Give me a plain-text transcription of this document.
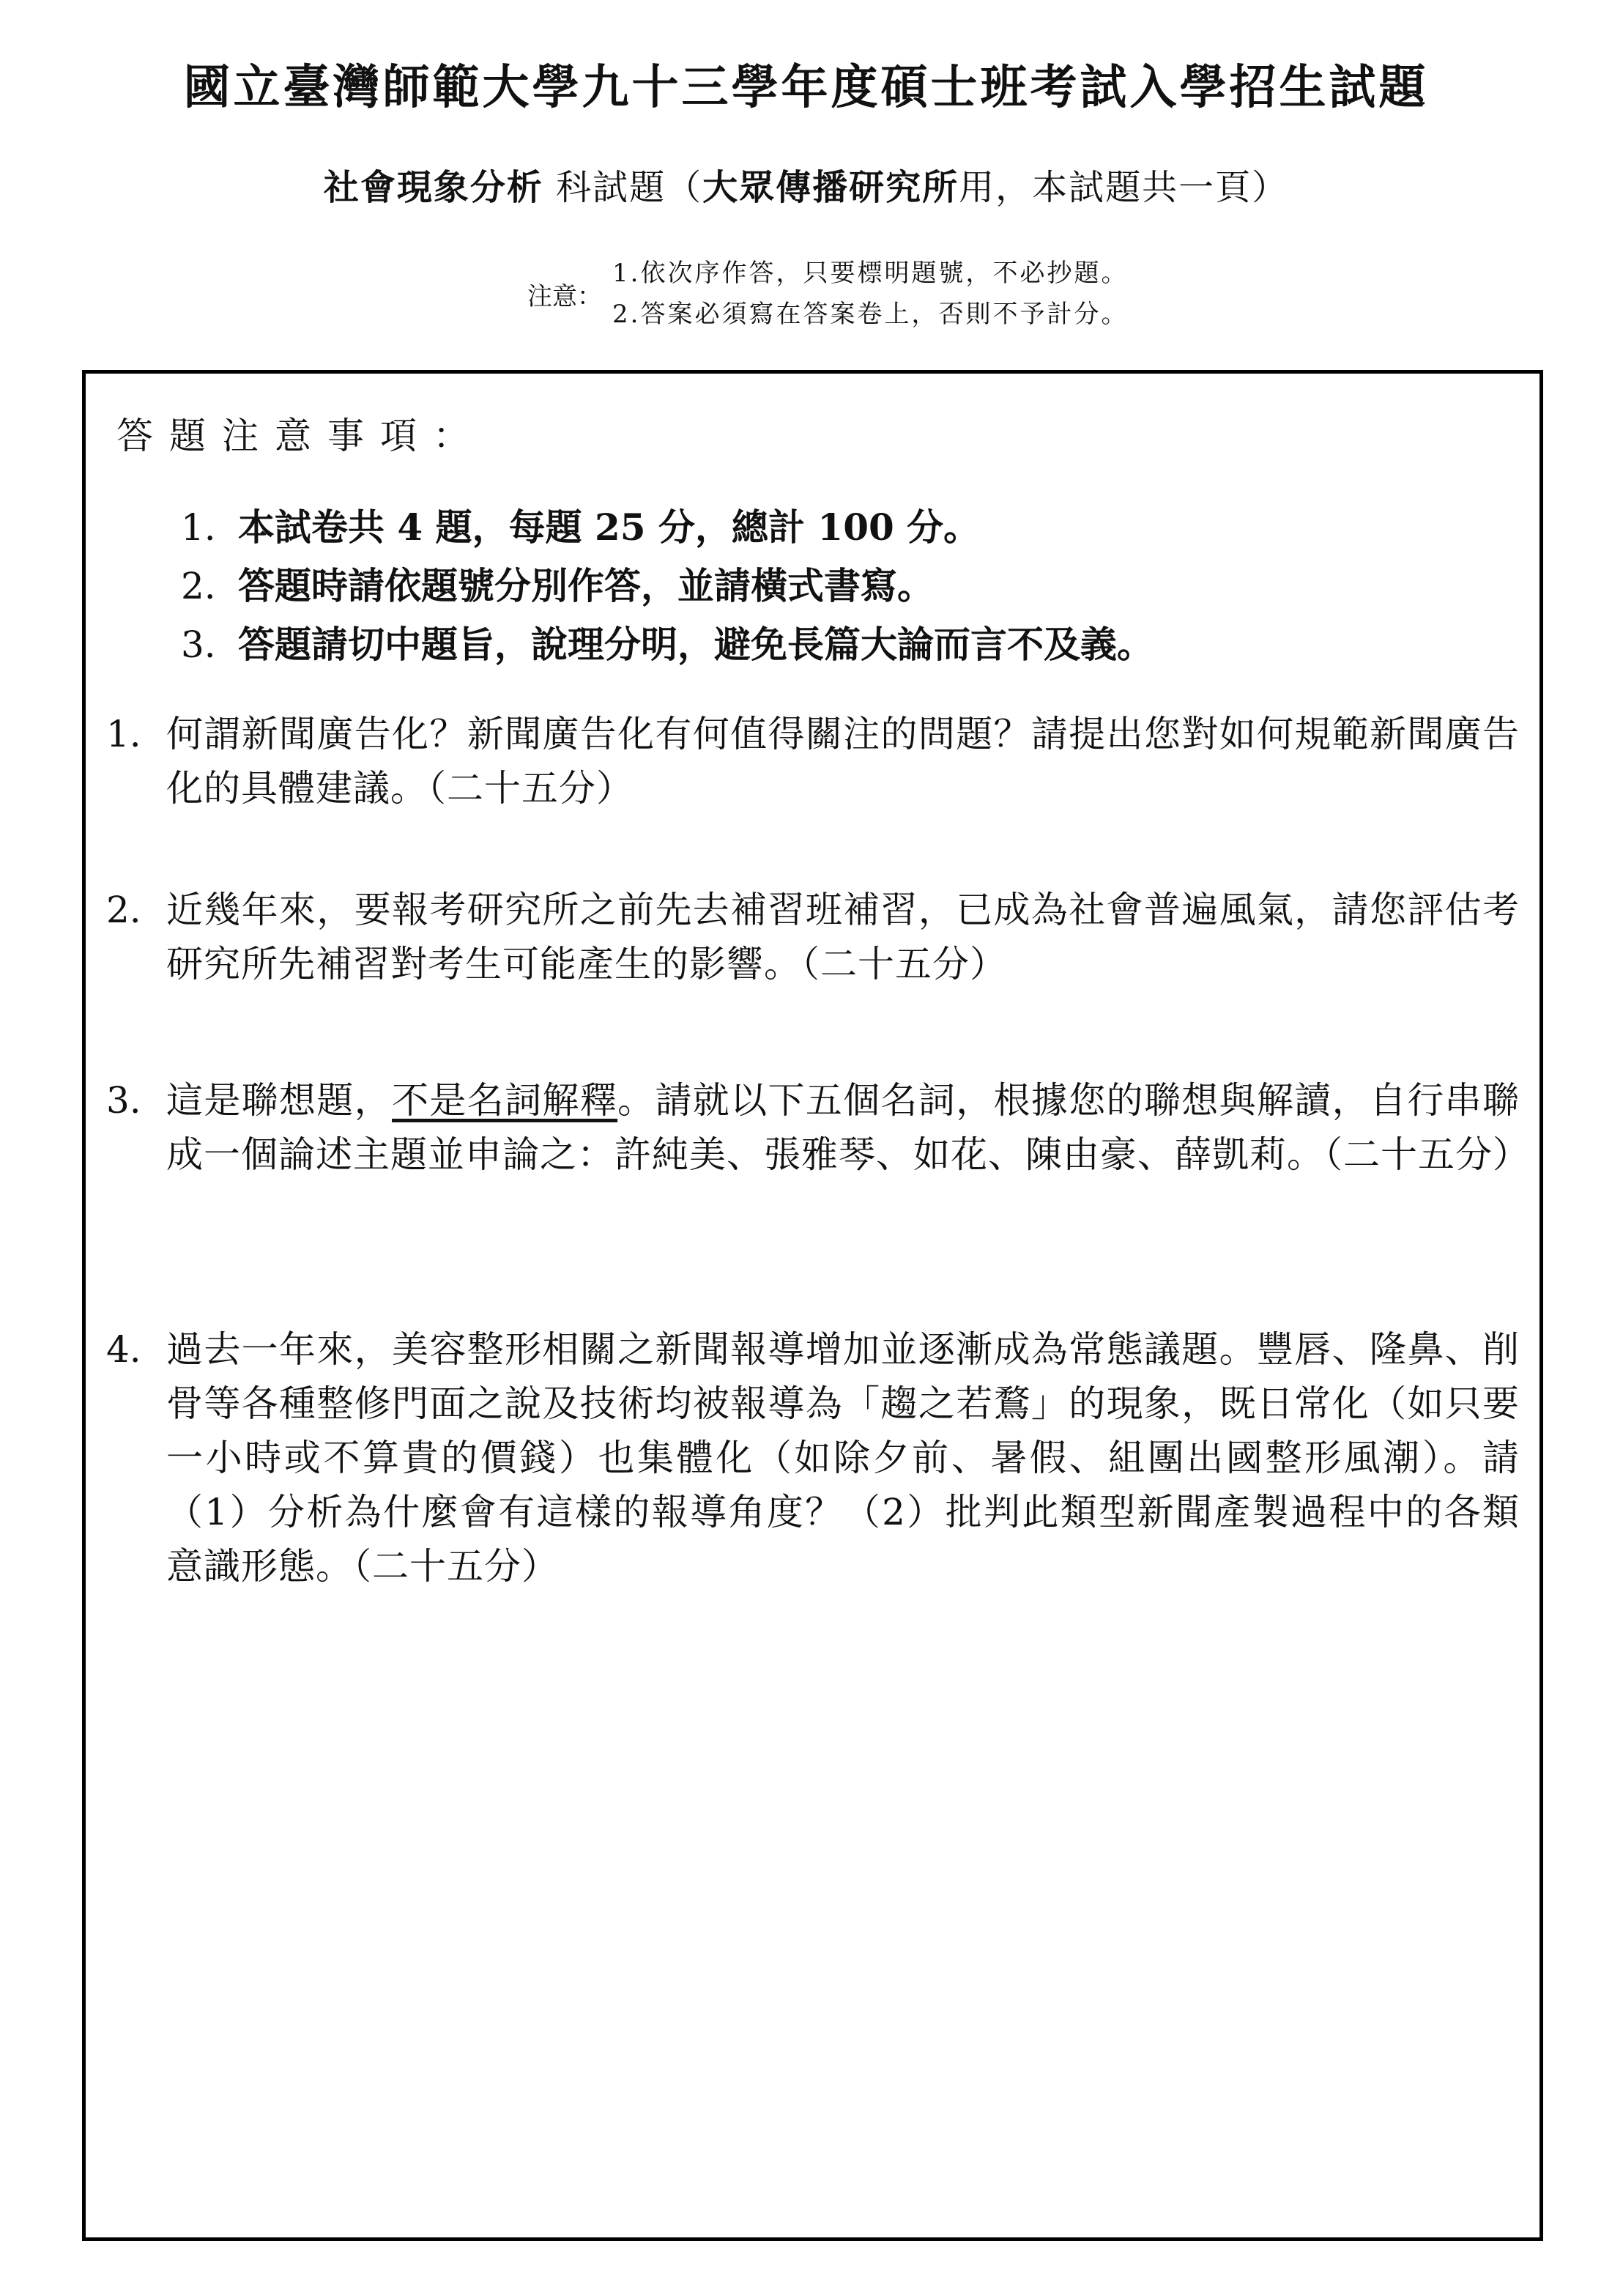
國立臺灣師範大學九十三學年度碩士班考試入學招生試題
社會現象分析 科試題（大眾傳播研究所用，本試題共一頁）
注意：
1.依次序作答，只要標明題號，不必抄題。
2.答案必須寫在答案卷上，否則不予計分。
答題注意事項：
1. 本試卷共 4 題，每題 25 分，總計 100 分。
2. 答題時請依題號分別作答，並請橫式書寫。
3. 答題請切中題旨，說理分明，避免長篇大論而言不及義。
1. 何謂新聞廣告化？新聞廣告化有何值得關注的問題？請提出您對如何規範新聞廣告化的具體建議。（二十五分）
2. 近幾年來，要報考研究所之前先去補習班補習，已成為社會普遍風氣，請您評估考研究所先補習對考生可能產生的影響。（二十五分）
3. 這是聯想題，不是名詞解釋。請就以下五個名詞，根據您的聯想與解讀，自行串聯成一個論述主題並申論之：許純美、張雅琴、如花、陳由豪、薛凱莉。（二十五分）
4. 過去一年來，美容整形相關之新聞報導增加並逐漸成為常態議題。豐唇、隆鼻、削骨等各種整修門面之說及技術均被報導為「趨之若鶩」的現象，既日常化（如只要一小時或不算貴的價錢）也集體化（如除夕前、暑假、組團出國整形風潮）。請（1）分析為什麼會有這樣的報導角度？（2）批判此類型新聞產製過程中的各類意識形態。（二十五分）
